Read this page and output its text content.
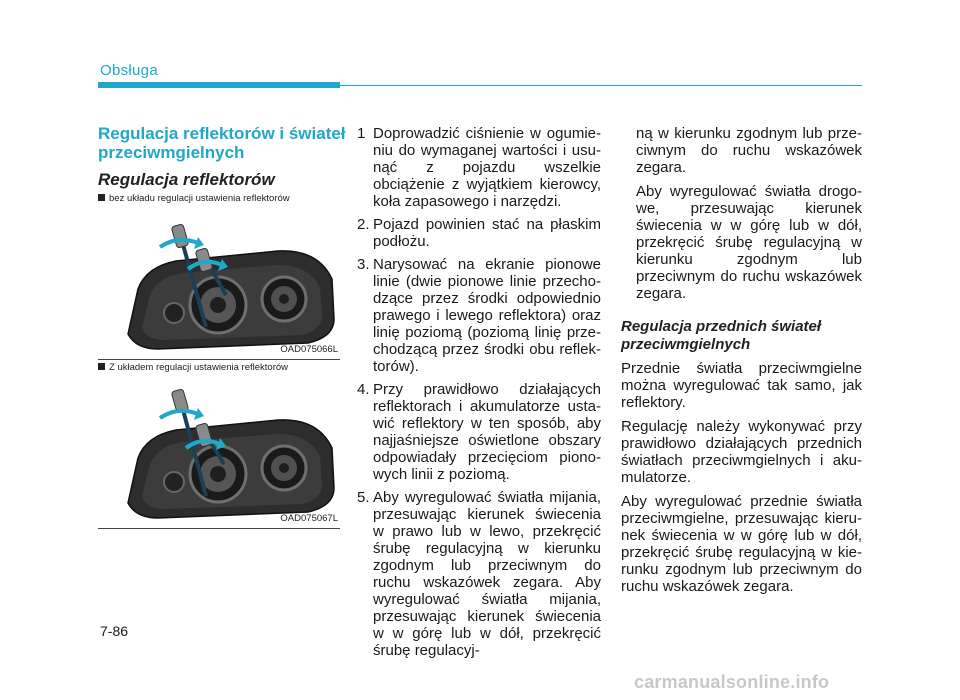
Obsługa
Regulacja reflektorów i świateł przeciwmgielnych
Regulacja reflektorów
bez układu regulacji ustawienia reflektorów
OAD075066L
Z układem regulacji ustawienia reflektorów
OAD075067L
1 Doprowadzić ciśnienie w ogumieniu do wymaganej wartości i usunąć z pojazdu wszelkie obciążenie z wyjątkiem kierowcy, koła zapasowego i narzędzi.
2. Pojazd powinien stać na płaskim podłożu.
3. Narysować na ekranie pionowe linie (dwie pionowe linie przechodzące przez środki odpowiednio prawego i lewego reflektora) oraz linię poziomą (poziomą linię przechodzącą przez środki obu reflektorów).
4. Przy prawidłowo działających reflektorach i akumulatorze ustawić reflektory w ten sposób, aby najjaśniejsze oświetlone obszary odpowiadały przecięciom pionowych linii z poziomą.
5. Aby wyregulować światła mijania, przesuwając kierunek świecenia w prawo lub w lewo, przekręcić śrubę regulacyjną w kierunku zgodnym lub przeciwnym do ruchu wskazówek zegara. Aby wyregulować światła mijania, przesuwając kierunek świecenia w w górę lub w dół, przekręcić śrubę regulacyj-

ną w kierunku zgodnym lub przeciwnym do ruchu wskazówek zegara.

Aby wyregulować światła drogowe, przesuwając kierunek świecenia w w górę lub w dół, przekręcić śrubę regulacyjną w kierunku zgodnym lub przeciwnym do ruchu wskazówek zegara.

Regulacja przednich świateł przeciwmgielnych

Przednie światła przeciwmgielne można wyregulować tak samo, jak reflektory.

Regulację należy wykonywać przy prawidłowo działających przednich światłach przeciwmgielnych i akumulatorze.

Aby wyregulować przednie światła przeciwmgielne, przesuwając kierunek świecenia w w górę lub w dół, przekręcić śrubę regulacyjną w kierunku zgodnym lub przeciwnym do ruchu wskazówek zegara.

7-86
carmanualsonline.info
